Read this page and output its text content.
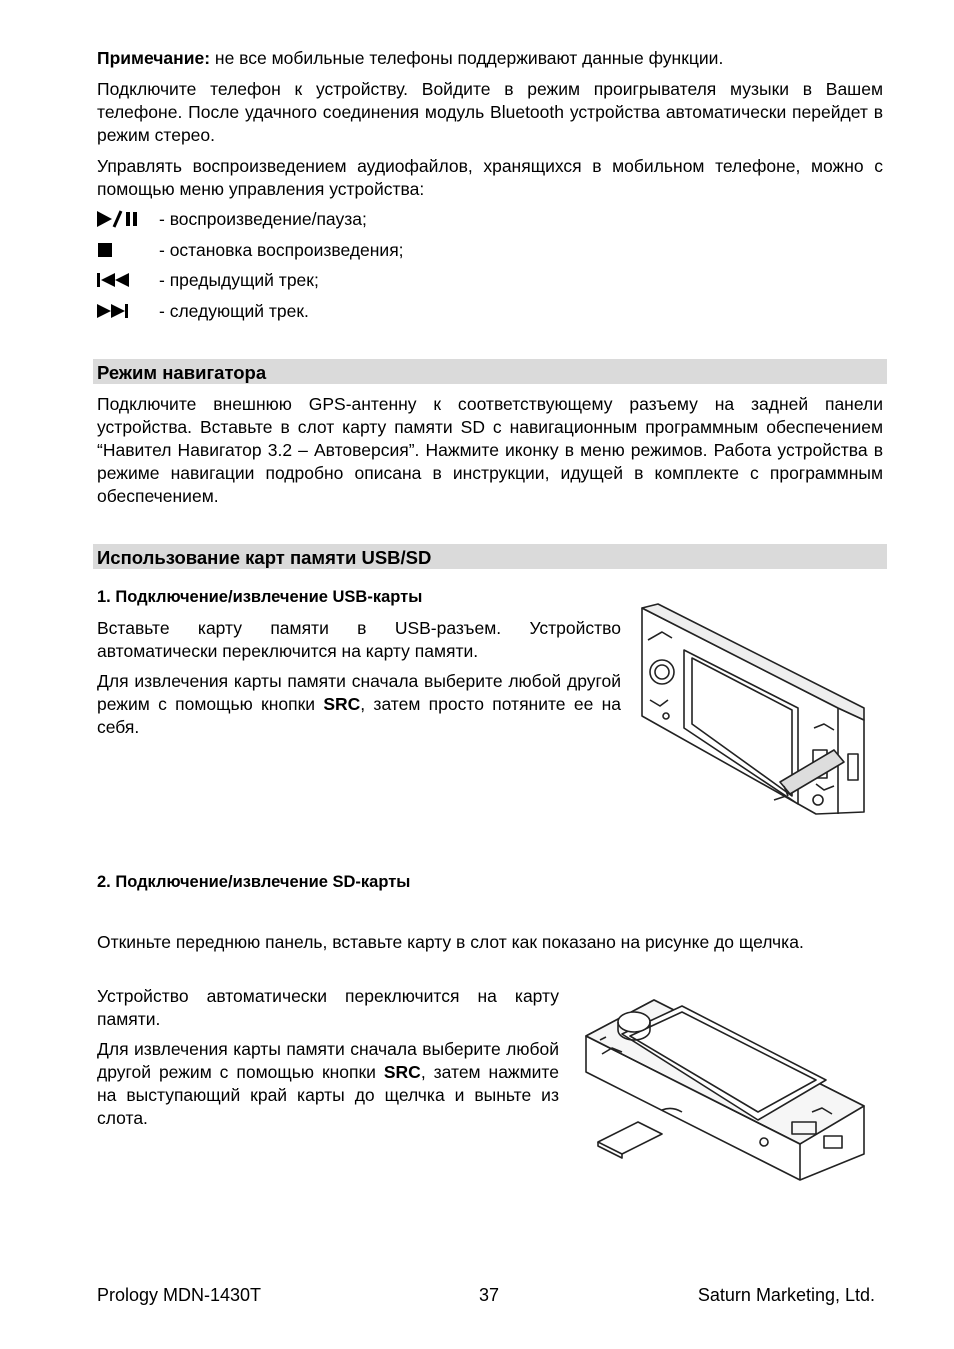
Примечание: не все мобильные телефоны поддерживают данные функции.

Подключите телефон к устройству. Войдите в режим проигрывателя музыки в Вашем телефоне. После удачного соединения модуль Bluetooth устройства автоматически перейдет в режим стерео.

Управлять воспроизведением аудиофайлов, хранящихся в мобильном телефоне, можно с помощью меню управления устройства:

- воспроизведение/пауза;
- остановка воспроизведения;
- предыдущий трек;
- следующий трек.
Режим навигатора

Подключите внешнюю GPS-антенну к соответствующему разъему на задней панели устройства. Вставьте в слот карту памяти SD с навигационным программным обеспечением “Навител Навигатор 3.2 – Автоверсия”. Нажмите иконку в меню режимов. Работа устройства в режиме навигации подробно описана в инструкции, идущей в комплекте с программным обеспечением.

Использование карт памяти USB/SD
1. Подключение/извлечение USB-карты

Вставьте карту памяти в USB-разъем. Устройство автоматически переключится на карту памяти.

Для извлечения карты памяти сначала выберите любой другой режим с помощью кнопки SRC, затем просто потяните ее на себя.

2. Подключение/извлечение SD-карты

Откиньте переднюю панель, вставьте карту в слот как показано на рисунке до щелчка.

Устройство автоматически переключится на карту памяти.

Для извлечения карты памяти сначала выберите любой другой режим с помощью кнопки SRC, затем нажмите на выступающий край карты до щелчка и выньте из слота.

Prology MDN-1430T	37	Saturn Marketing, Ltd.
